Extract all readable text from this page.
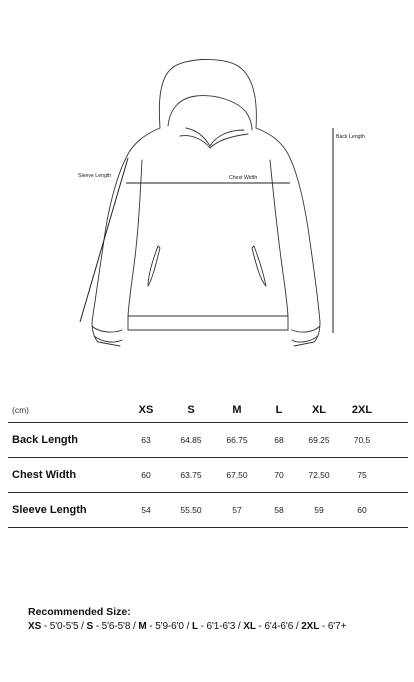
Chest Width
Back Length
Sleeve Length
(cm)	XS	S	M	L	XL	2XL
Back Length	63	64.85	66.75	68	69.25	70.5
Chest Width	60	63.75	67.50	70	72.50	75
Sleeve Length	54	55.50	57	58	59	60
Recommended Size:
XS - 5'0-5'5 / S - 5'6-5'8 / M - 5'9-6'0 / L - 6'1-6'3 / XL - 6'4-6'6 / 2XL - 6'7+
